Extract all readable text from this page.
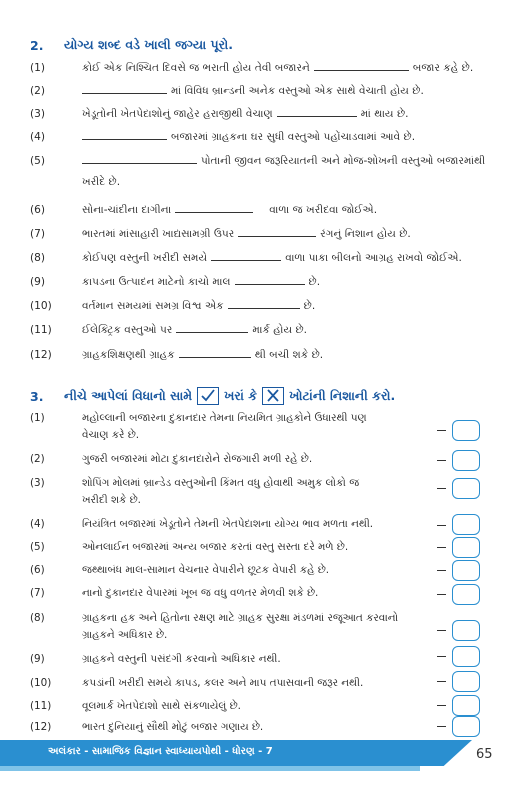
2.	યોગ્ય શબ્દ વડે ખાલી જગ્યા પૂરો.
(1)	કોઈ એક નિશ્ચિત દિવસે જ ભરાતી હોય તેવી બજારને	બજાર કહે છે.
(2)	માં વિવિધ બ્રાન્ડની અનેક વસ્તુઓ એક સાથે વેચાતી હોય છે.
(3)	ખેડૂતોની ખેતપેદાશોનું જાહેર હરાજીથી વેચાણ	માં થાય છે.
(4)	બજારમાં ગ્રાહકના ઘર સુધી વસ્તુઓ પહોંચાડવામાં આવે છે.
(5)	પોતાની જીવન જરૂરિયાતની અને મોજ-શોખની વસ્તુઓ બજારમાંથી
ખરીદે છે.
(6)	સોના-ચાંદીના દાગીના	વાળા જ ખરીદવા જોઈએ.
(7)	ભારતમાં માંસાહારી ખાદ્યસામગ્રી ઉપર	રંગનું નિશાન હોય છે.
(8)	કોઈપણ વસ્તુની ખરીદી સમયે	વાળા પાકા બીલનો આગ્રહ રાખવો જોઈએ.
(9)	કાપડના ઉત્પાદન માટેનો કાચો માલ	છે.
(10)	વર્તમાન સમયમાં સમગ્ર વિશ્વ એક	છે.
(11)	ઈલેક્ટ્રિક વસ્તુઓ પર	માર્ક હોય છે.
(12)	ગ્રાહકશિક્ષણથી ગ્રાહક	થી બચી શકે છે.
3.	નીચે આપેલાં વિધાનો સામે	ખરાં કે	ખોટાંની નિશાની કરો.
(1)	મહોલ્લાની બજારના દુકાનદાર તેમના નિયમિત ગ્રાહકોને ઉધારથી પણ
વેચાણ કરે છે.
(2)	ગુજરી બજારમાં મોટા દુકાનદારોને રોજગારી મળી રહે છે.
(3)	શોપિંગ મોલમાં બ્રાન્ડેડ વસ્તુઓની કિંમત વધુ હોવાથી અમુક લોકો જ
ખરીદી શકે છે.
(4)	નિયંત્રિત બજારમાં ખેડૂતોને તેમની ખેતપેદાશના યોગ્ય ભાવ મળતા નથી.
(5)	ઓનલાઈન બજારમાં અન્ય બજાર કરતાં વસ્તુ સસ્તા દરે મળે છે.
(6)	જથ્થાબંધ માલ-સામાન વેચનાર વેપારીને છૂટક વેપારી કહે છે.
(7)	નાનો દુકાનદાર વેપારમાં ખૂબ જ વધુ વળતર મેળવી શકે છે.
(8)	ગ્રાહકના હક અને હિતોના રક્ષણ માટે ગ્રાહક સુરક્ષા મંડળમાં રજૂઆત કરવાનો
ગ્રાહકને અધિકાર છે.
(9)	ગ્રાહકને વસ્તુની પસંદગી કરવાનો અધિકાર નથી.
(10)	કપડાંની ખરીદી સમયે કાપડ, કલર અને માપ તપાસવાની જરૂર નથી.
(11)	વૂલમાર્ક ખેતપેદાશો સાથે સંકળાયેલું છે.
(12)	ભારત દુનિયાનું સૌથી મોટું બજાર ગણાય છે.
અલંકાર - સામાજિક વિજ્ઞાન સ્વાધ્યાયપોથી - ધોરણ - 7	65
